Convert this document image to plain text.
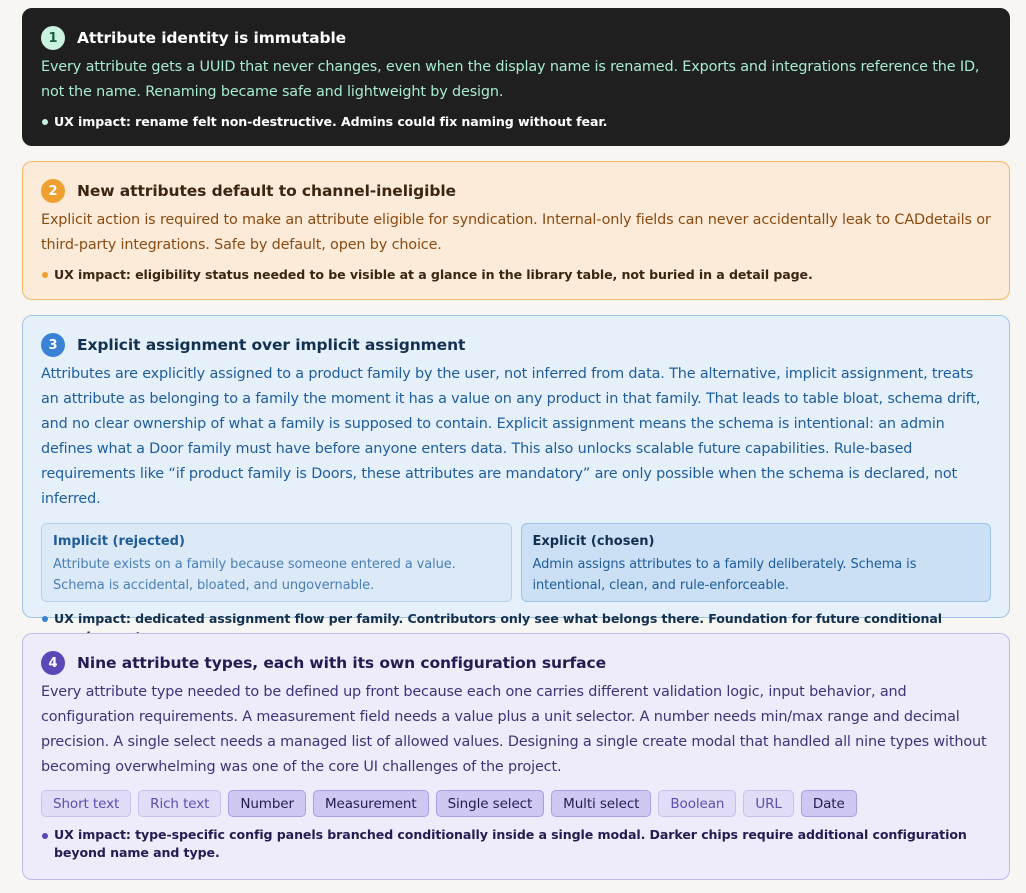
1	Attribute identity is immutable
Every attribute gets a UUID that never changes, even when the display name is renamed. Exports and integrations reference the ID, not the name. Renaming became safe and lightweight by design.
UX impact: rename felt non-destructive. Admins could fix naming without fear.
2	New attributes default to channel-ineligible
Explicit action is required to make an attribute eligible for syndication. Internal-only fields can never accidentally leak to CADdetails or third-party integrations. Safe by default, open by choice.
UX impact: eligibility status needed to be visible at a glance in the library table, not buried in a detail page.
3	Explicit assignment over implicit assignment
Attributes are explicitly assigned to a product family by the user, not inferred from data. The alternative, implicit assignment, treats an attribute as belonging to a family the moment it has a value on any product in that family. That leads to table bloat, schema drift, and no clear ownership of what a family is supposed to contain. Explicit assignment means the schema is intentional: an admin defines what a Door family must have before anyone enters data. This also unlocks scalable future capabilities. Rule-based requirements like “if product family is Doors, these attributes are mandatory” are only possible when the schema is declared, not inferred.
Implicit (rejected)
Attribute exists on a family because someone entered a value. Schema is accidental, bloated, and ungovernable.
Explicit (chosen)
Admin assigns attributes to a family deliberately. Schema is intentional, clean, and rule-enforceable.
UX impact: dedicated assignment flow per family. Contributors only see what belongs there. Foundation for future conditional
4	Nine attribute types, each with its own configuration surface
Every attribute type needed to be defined up front because each one carries different validation logic, input behavior, and configuration requirements. A measurement field needs a value plus a unit selector. A number needs min/max range and decimal precision. A single select needs a managed list of allowed values. Designing a single create modal that handled all nine types without becoming overwhelming was one of the core UI challenges of the project.
Short text	Rich text	Number	Measurement	Single select	Multi select	Boolean	URL	Date
UX impact: type-specific config panels branched conditionally inside a single modal. Darker chips require additional configuration beyond name and type.
